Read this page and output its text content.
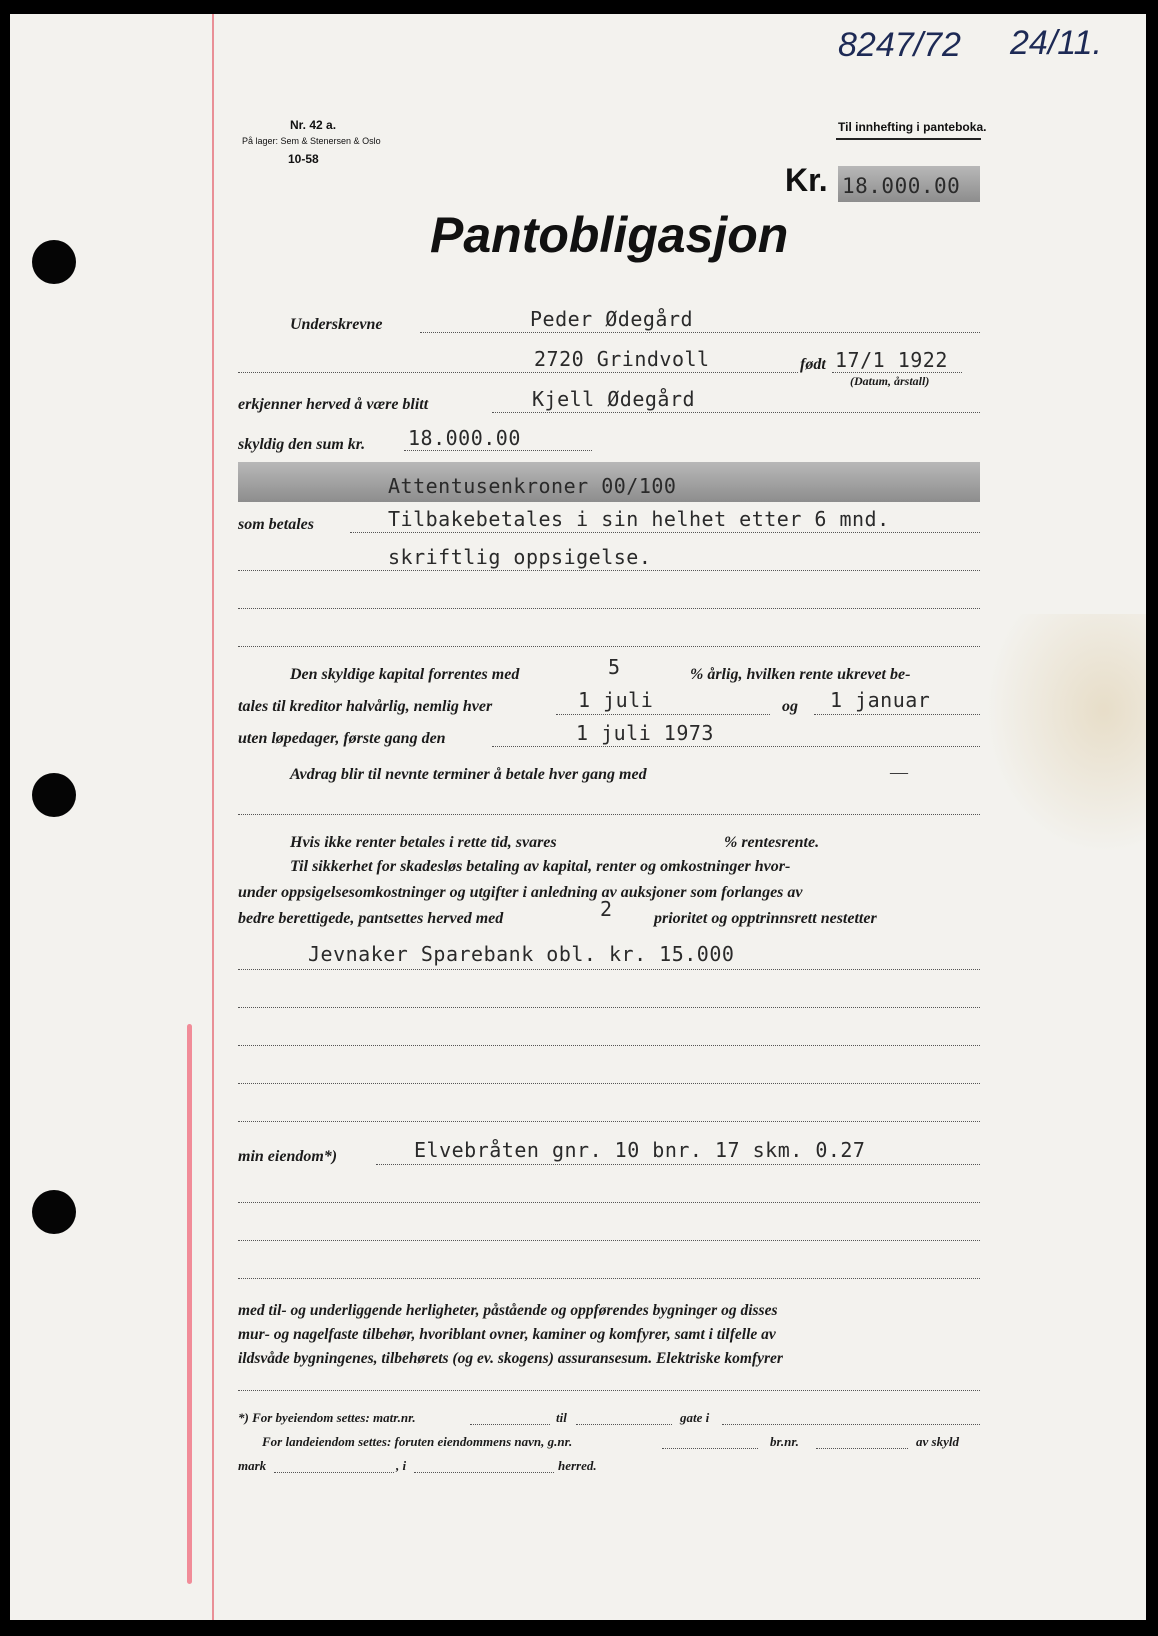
8247/72 24/11.
Nr. 42 a.
På lager: Sem & Stenersen & Oslo
10-58
Til innhefting i panteboka.
Kr. 18.000.00
Pantobligasjon
Underskrevne	Peder Ødegård
2720 Grindvoll	født 17/1 1922
(Datum, årstall)
erkjenner herved å være blitt	Kjell Ødegård
skyldig den sum kr. 18.000.00
Attentusenkroner 00/100
som betales	Tilbakebetales i sin helhet etter 6 mnd.
skriftlig oppsigelse.
Den skyldige kapital forrentes med	5	% årlig, hvilken rente ukrevet be-
tales til kreditor halvårlig, nemlig hver	1 juli	og 1 januar
uten løpedager, første gang den	1 juli 1973
Avdrag blir til nevnte terminer å betale hver gang med	—
Hvis ikke renter betales i rette tid, svares	% rentesrente.
Til sikkerhet for skadesløs betaling av kapital, renter og omkostninger hvor-
under oppsigelsesomkostninger og utgifter i anledning av auksjoner som forlanges av
bedre berettigede, pantsettes herved med	2	prioritet og opptrinnsrett nestetter
Jevnaker Sparebank obl. kr. 15.000
min eiendom*)	Elvebråten gnr. 10 bnr. 17 skm. 0.27
med til- og underliggende herligheter, påstående og oppførendes bygninger og disses
mur- og nagelfaste tilbehør, hvoriblant ovner, kaminer og komfyrer, samt i tilfelle av
ildsvåde bygningenes, tilbehørets (og ev. skogens) assuransesum. Elektriske komfyrer
*) For byeiendom settes: matr.nr.	til	gate i
For landeiendom settes: foruten eiendommens navn, g.nr.	br.nr.	av skyld
mark	, i	herred.
